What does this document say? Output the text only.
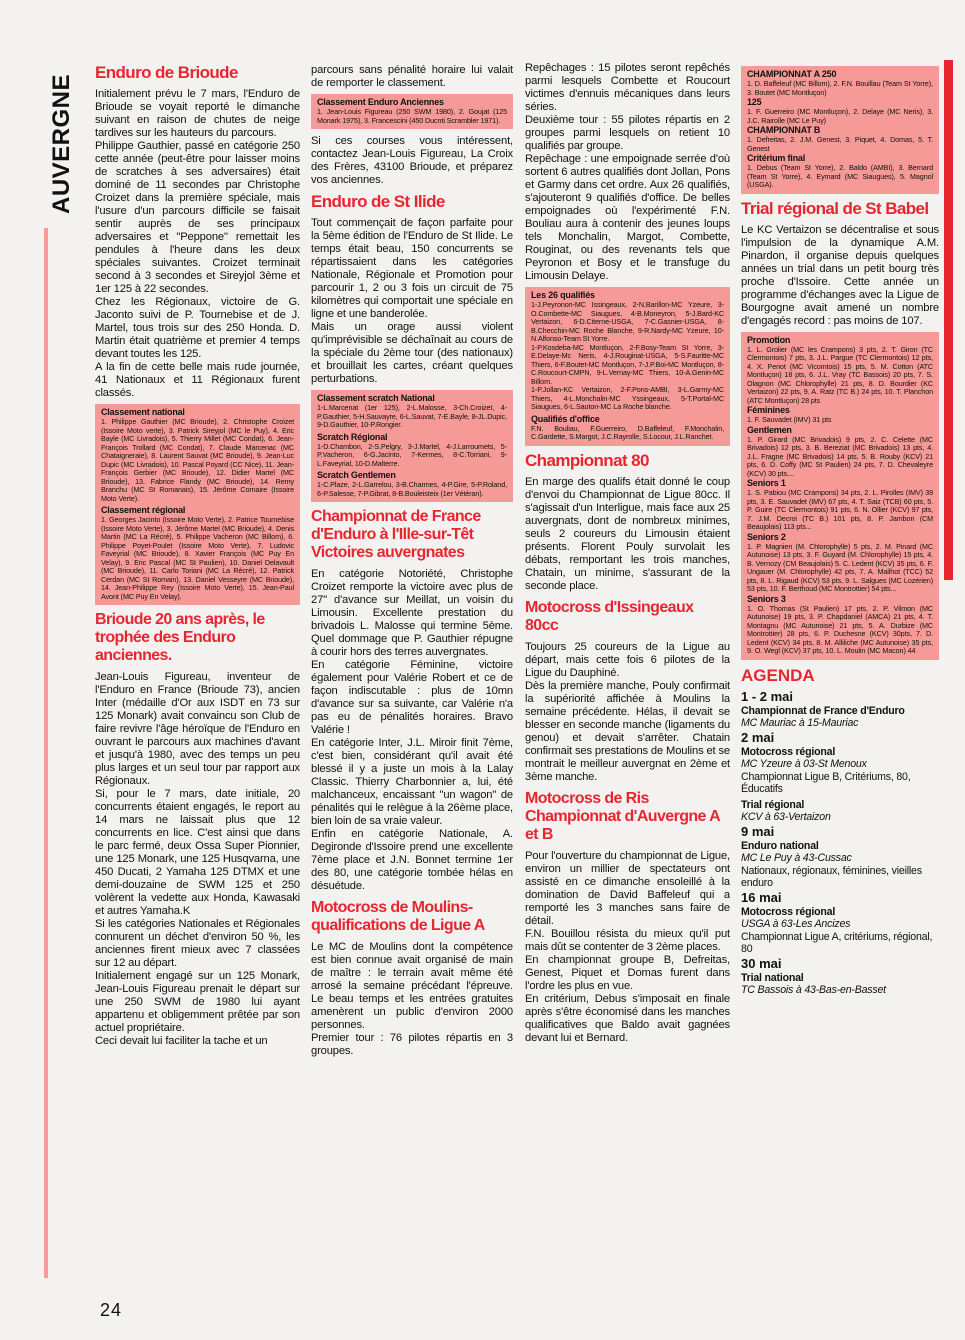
AUVERGNE
Enduro de Brioude

Initialement prévu le 7 mars, l'Enduro de Brioude se voyait reporté le dimanche suivant en raison de chutes de neige tardives sur les hauteurs du parcours.

Philippe Gauthier, passé en catégorie 250 cette année (peut-être pour laisser moins de scratches à ses adversaires) était dominé de 11 secondes par Christophe Croizet dans la première spéciale, mais l'usure d'un parcours difficile se faisait sentir auprès de ses principaux adversaires et "Peppone" remettait les pendules à l'heure dans les deux spéciales suivantes. Croizet terminait second à 3 secondes et Sireyjol 3ème et 1er 125 à 22 secondes.

Chez les Régionaux, victoire de G. Jaconto suivi de P. Tournebise et de J. Martel, tous trois sur des 250 Honda. D. Martin était quatrième et premier 4 temps devant toutes les 125.

A la fin de cette belle mais rude journée, 41 Nationaux et 11 Régionaux furent classés.

Classement national
1. Philippe Gauthier (MC Brioude), 2. Christophe Croizet (Issoire Moto verte), 3. Patrick Sireyjol (MC le Puy), 4. Eric Bayle (MC Livradois), 5. Thierry Millet (MC Condat), 6. Jean-François Trollard (MC Condat), 7. Claude Marcenac (MC Chataigneraie), 8. Laurent Sauvat (MC Brioude), 9. Jean-Luc Dupic (MC Livradois), 10. Pascal Poyard (CC Nice), 11. Jean-François Gerbier (MC Brioude), 12. Didier Martel (MC Brioude), 13. Fabrice Flandy (MC Brioude), 14. Remy Branchu (MC St Romanais), 15. Jérôme Cornaire (Issoire Moto Verte).
Classement régional
1. Georges Jacinto (Issoire Moto Verte), 2. Patrice Tournebise (Issoire Moto Verte), 3. Jérôme Martel (MC Brioude), 4. Denis Martin (MC La Récré), 5. Philippe Vacheron (MC Billom), 6. Philippe Poyet-Poulet (Issoire Moto Verte), 7. Ludovic Faveyrial (MC Brioude), 8. Xavier François (MC Puy En Velay), 9. Eric Pascal (MC St Paulien), 10. Daniel Delavault (MC Brioude), 11. Carlo Toriani (MC La Récré), 12. Patrick Cerdan (MC St Romain), 13. Daniel Vesseyre (MC Brioude), 14. Jean-Philippe Rey (Issoire Moto Verte), 15. Jean-Paul Avont (MC Puy En Velay).
Brioude 20 ans après, le trophée des Enduro anciennes.

Jean-Louis Figureau, inventeur de l'Enduro en France (Brioude 73), ancien Inter (médaille d'Or aux ISDT en 73 sur 125 Monark) avait convaincu son Club de faire revivre l'âge héroïque de l'Enduro en ouvrant le parcours aux machines d'avant et jusqu'à 1980, avec des temps un peu plus larges et un seul tour par rapport aux Régionaux.

Si, pour le 7 mars, date initiale, 20 concurrents étaient engagés, le report au 14 mars ne laissait plus que 12 concurrents en lice. C'est ainsi que dans le parc fermé, deux Ossa Super Pionnier, une 125 Monark, une 125 Husqvarna, une 450 Ducati, 2 Yamaha 125 DTMX et une demi-douzaine de SWM 125 et 250 volèrent la vedette aux Honda, Kawasaki et autres Yamaha.K

Si les catégories Nationales et Régionales connurent un déchet d'environ 50 %, les anciennes firent mieux avec 7 classées sur 12 au départ.

Initialement engagé sur un 125 Monark, Jean-Louis Figureau prenait le départ sur une 250 SWM de 1980 lui ayant appartenu et obligemment prêtée par son actuel propriétaire.

Ceci devait lui faciliter la tache et un

parcours sans pénalité horaire lui valait de remporter le classement.

Classement Enduro Anciennes
1. Jean-Louis Figureau (250 SWM 1980), 2. Goujat (125 Monark 1975), 3. Francescini (450 Ducnti Scrambler 1971).

Si ces courses vous intéressent, contactez Jean-Louis Figureau, La Croix des Frères, 43100 Brioude, et préparez vos anciennes.

Enduro de St Ilide

Tout commençait de façon parfaite pour la 5ème édition de l'Enduro de St Ilide. Le temps était beau, 150 concurrents se répartissaient dans les catégories Nationale, Régionale et Promotion pour parcourir 1, 2 ou 3 fois un circuit de 75 kilomètres qui comportait une spéciale en ligne et une banderolée.

Mais un orage aussi violent qu'imprévisible se déchaînait au cours de la spéciale du 2ème tour (des nationaux) et brouillait les cartes, créant quelques perturbations.

Classement scratch National
1-L.Marcenat (1er 125), 2-L.Malosse, 3-Ch.Croizet, 4-P.Gauthier, 5-H.Sauvayre, 6-L.Sauvat, 7-E.Bayle, 8-JL.Dupic, 9-D.Gauthier, 10-P.Rongier.
Scratch Régional
1-D.Chambon, 2-S.Pelgry, 3-J.Martel, 4-J.Larroumets, 5-P.Vacheron, 6-G.Jacinto, 7-Kermes, 8-C.Torriani, 9-L.Faveyrial, 10-D.Malterre.
Scratch Gentlemen
1-C.Plaze, 2-L.Garrelou, 3-B.Charmes, 4-P.Gire, 5-P.Roland, 6-P.Salesse, 7-P.Gibrat, 8-B.Bouleisteix (1er Vétéran).
Championnat de France d'Enduro à l'Ille-sur-Têt Victoires auvergnates

En catégorie Notoriété, Christophe Croizet remporte la victoire avec plus de 27'' d'avance sur Meillat, un voisin du Limousin. Excellente prestation du brivadois L. Malosse qui termine 5ème. Quel dommage que P. Gauthier répugne à courir hors des terres auvergnates.

En catégorie Féminine, victoire également pour Valérie Robert et ce de façon indiscutable : plus de 10mn d'avance sur sa suivante, car Valérie n'a pas eu de pénalités horaires. Bravo Valérie !

En catégorie Inter, J.L. Miroir finit 7ème, c'est bien, considérant qu'il avait été blessé il y a juste un mois à la Lalay Classic. Thierry Charbonnier a, lui, été malchanceux, encaissant "un wagon" de pénalités qui le relègue à la 26ème place, bien loin de sa vraie valeur.

Enfin en catégorie Nationale, A. Degironde d'Issoire prend une excellente 7ème place et J.N. Bonnet termine 1er des 80, une catégorie tombée hélas en désuétude.

Motocross de Moulins-qualifications de Ligue A

Le MC de Moulins dont la compétence est bien connue avait organisé de main de maître : le terrain avait même été arrosé la semaine précédant l'épreuve. Le beau temps et les entrées gratuites amenèrent un public d'environ 2000 personnes.

Premier tour : 76 pilotes répartis en 3 groupes.

Repêchages : 15 pilotes seront repêchés parmi lesquels Combette et Roucourt victimes d'ennuis mécaniques dans leurs séries.

Deuxième tour : 55 pilotes répartis en 2 groupes parmi lesquels on retient 10 qualifiés par groupe.

Repêchage : une empoignade serrée d'où sortent 6 autres qualifiés dont Jollan, Pons et Garmy dans cet ordre. Aux 26 qualifiés, s'ajouteront 9 qualifiés d'office. De belles empoignades où l'expérimenté F.N. Bouliau aura à contenir des jeunes loups tels Monchalin, Margot, Combette, Rouginat, ou des revenants tels que Peyronon et Bosy et le transfuge du Limousin Delaye.

Les 26 qualifiés
1-J.Peyronon-MC Issingeaux, 2-N.Barillon-MC Yzeure, 3-O.Combette-MC Siaugues, 4-B.Moneyron, 5-J.Bard-KC Vertaizon, 6-D.Citerne-USGA, 7-C.Gasnier-USGA, 8-B.Checchin-MC Roche Blanche, 9-R.Nardy-MC Yzeure, 10-N.Alfonso-Team St Yorre.
1-P.Kosdeba-MC Montluçon, 2-F.Bosy-Team St Yorre, 3-E.Delaye-Mc Neris, 4-J.Rouginat-USGA, 5-S.Fauritte-MC Thiers, 6-F.Boutet-MC Montluçon, 7-J.P.Boi-MC Montluçon, 8-C.Roucourt-CMPN, 9-L.Vernay-MC Thiers, 10-A.Genin-MC Billom.
1-P.Jollan-KC Vertaizon, 2-F.Pons-AMBI, 3-L.Garmy-MC Thiers, 4-L.Monchalin-MC Yssingeaux, 5-T.Portal-MC Siaugues, 6-L.Sauton-MC La Roche blanche.
Qualifiés d'office
F.N. Bouliau, F.Guerreiro, D.Baffeleuf, F.Monchalin, C.Gardette, S.Margot, J.C.Rayrolle, S.Locour, J.L.Ranchet.
Championnat 80

En marge des qualifs était donné le coup d'envoi du Championnat de Ligue 80cc. Il s'agissait d'un Interligue, mais face aux 25 auvergnats, dont de nombreux minimes, seuls 2 coureurs du Limousin étaient présents. Florent Pouly survolait les débats, remportant les trois manches, Chatain, un minime, s'assurant de la seconde place.

Motocross d'Issingeaux 80cc

Toujours 25 coureurs de la Ligue au départ, mais cette fois 6 pilotes de la Ligue du Dauphiné.

Dès la première manche, Pouly confirmait la supériorité affichée à Moulins la semaine précédente. Hélas, il devait se blesser en seconde manche (ligaments du genou) et devait s'arrêter. Chatain confirmait ses prestations de Moulins et se montrait le meilleur auvergnat en 2ème et 3ème manche.

Motocross de Ris Championnat d'Auvergne A et B

Pour l'ouverture du championnat de Ligue, environ un millier de spectateurs ont assisté en ce dimanche ensoleillé à la domination de David Baffeleuf qui a remporté les 3 manches sans faire de détail.

F.N. Bouillou résista du mieux qu'il put mais dût se contenter de 3 2ème places.

En championnat groupe B, Defreitas, Genest, Piquet et Domas furent dans l'ordre les plus en vue.

En critérium, Debus s'imposait en finale après s'être économisé dans les manches qualificatives que Baldo avait gagnées devant lui et Bernard.

CHAMPIONNAT A 250
1. D. Baffeleuf (MC Billom), 2. F.N. Bouillau (Team St Yorre), 3. Boutet (MC Montluçon)
125
1. F. Guerreiro (MC Montluçon), 2. Delaye (MC Neris), 3. J.C. Rairolle (MC Le Puy)
CHAMPIONNAT B
1. Defreitas, 2. J.M. Genest, 3. Piquet, 4. Domas, 5. T. Genest
Critérium final
1. Debus (Team St Yorre), 2. Baldo (AMBI), 3. Bernard (Team St Yorre), 4. Eymard (MC Siaugues), 5. Magnol (USGA).
Trial régional de St Babel

Le KC Vertaizon se décentralise et sous l'impulsion de la dynamique A.M. Pinardon, il organise depuis quelques années un trial dans un petit bourg très proche d'Issoire. Cette année un programme d'échanges avec la Ligue de Bourgogne avait amené un nombre d'engagés record : pas moins de 107.

Promotion
1. L. Grolier (MC les Crampons) 3 pts, 2. T. Giron (TC Clermontois) 7 pts, 3. J.L. Pargue (TC Clermontois) 12 pts, 4. X. Periot (MC Vicomtois) 15 pts, 5. M. Cotton (ATC Montluçon) 18 pts, 6. J.L. Vray (TC Bassois) 20 pts, 7. S. Olagnon (MC Chlorophylle) 21 pts, 8. D. Bourdier (KC Vertaizon) 22 pts, 9. A. Ratz (TC B.) 24 pts, 10. T. Planchon (ATC Montluçon) 28 pts
Féminines
1. F. Sauvadet (IMV) 31 pts
Gentlemen
1. P. Girard (MC Brivadois) 9 pts, 2. C. Celette (MC Brivadois) 12 pts, 3. B. Bereziat (MC Brivadois) 13 pts, 4. J.L. Fragne (MC Brivadois) 14 pts, 5. B. Rouby (KCV) 21 pts, 6. D. Coffy (MC St Paulien) 24 pts, 7. D. Chevaleyre (KCV) 30 pts....
Seniors 1
1. S. Pabiou (MC Crampons) 34 pts, 2. L. Pirolles (IMV) 39 pts, 3. E. Sauvadet (IMV) 67 pts, 4. T. Saiz (TCB) 60 pts, 5. P. Guire (TC Clermontois) 91 pts, 6. N. Ollier (KCV) 97 pts, 7. J.M. Decroi (TC B.) 101 pts, 8. P. Jambon (CM Beaujolais) 113 pts...
Seniors 2
1. P. Magnien (M. Chlorophylle) 5 pts, 2. M. Pinard (MC Autunoise) 13 pts, 3. F. Guyard (M. Chlorophylle) 15 pts, 4. B. Vernozy (CM Beaujolais) 5. C. Ledent (KCV) 35 pts, 6. F. Ungauer (M. Chlorophylle) 42 pts, 7. A. Mailhot (TCC) 52 pts, 8. L. Rigaud (KCV) 53 pts, 9. L. Salgues (MC Lozérien) 53 pts, 10. F. Berthoud (MC Montrottier) 54 pts...
Seniors 3
1. O. Thomas (St Paulien) 17 pts, 2. P. Vilmon (MC Autunoise) 19 pts, 3. P. Chapdaniel (AMCA) 21 pts, 4. T. Montagnu (MC Autunoise) 21 pts, 5. A. Durbize (MC Montrottier) 28 pts, 6. P. Duchesne (KCV) 30pts, 7. D. Ledent (KCV) 34 pts, 8. M. Alliliche (MC Autunoise) 35 pts, 9. O. Wegl (KCV) 37 pts, 10. L. Moulin (MC Macon) 44
AGENDA
1 - 2 mai
Championnat de France d'Enduro
MC Mauriac à 15-Mauriac
2 mai
Motocross régional
MC Yzeure à 03-St Menoux
Championnat Ligue B, Critériums, 80, Éducatifs
Trial régional
KCV à 63-Vertaizon
9 mai
Enduro national
MC Le Puy à 43-Cussac
Nationaux, régionaux, féminines, vieilles enduro
16 mai
Motocross régional
USGA à 63-Les Ancizes
Championnat Ligue A, critériums, régional, 80
30 mai
Trial national
TC Bassois à 43-Bas-en-Basset
24
